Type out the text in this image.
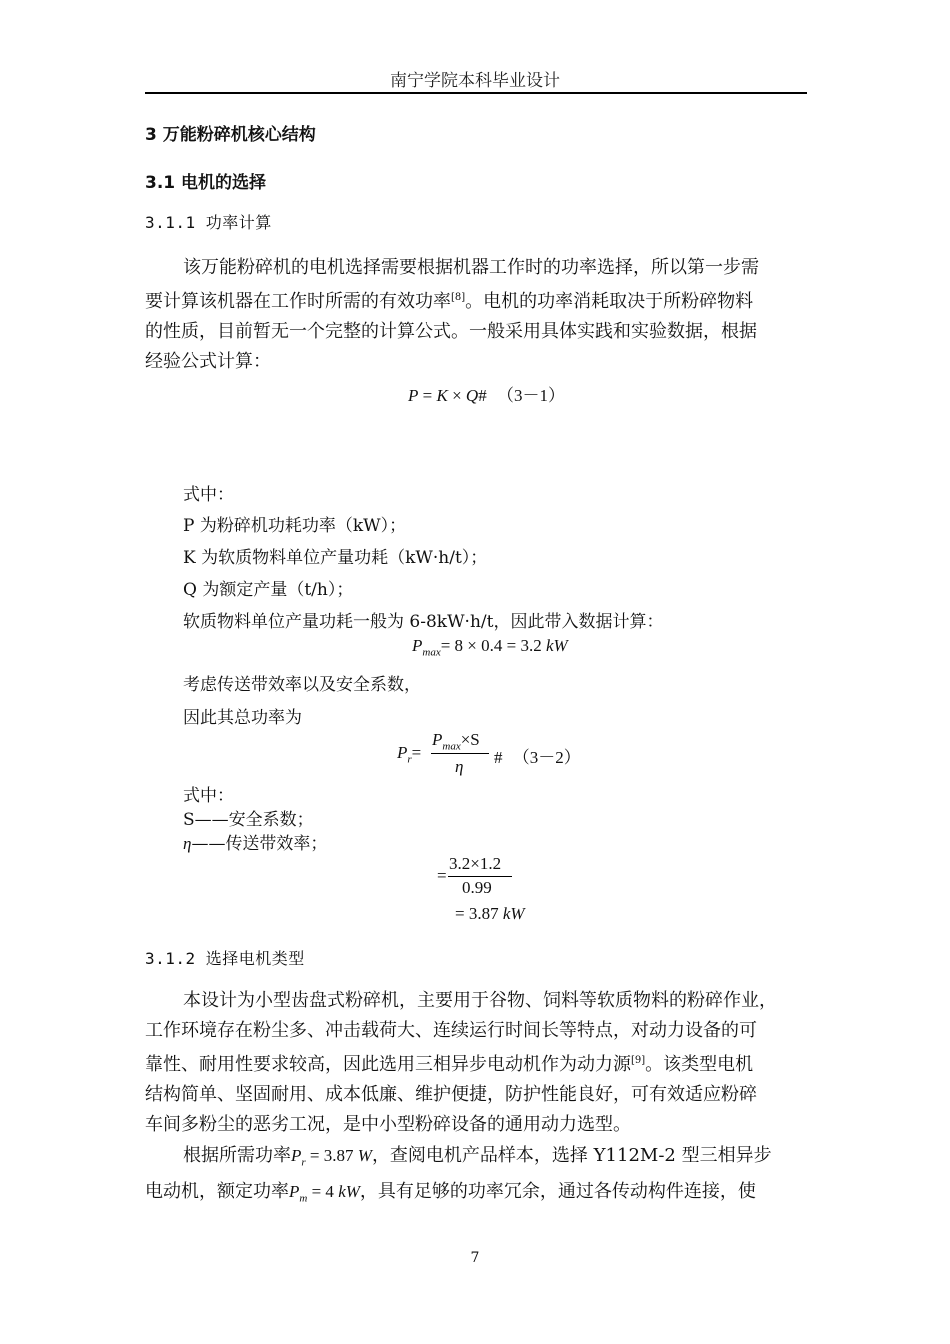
南宁学院本科毕业设计
3 万能粉碎机核心结构
3.1 电机的选择
3.1.1 功率计算
该万能粉碎机的电机选择需要根据机器工作时的功率选择，所以第一步需
要计算该机器在工作时所需的有效功率[8]。电机的功率消耗取决于所粉碎物料
的性质，目前暂无一个完整的计算公式。一般采用具体实践和实验数据，根据
经验公式计算：
P = K × Q# （3－1）
式中：
P 为粉碎机功耗功率（kW）；
K 为软质物料单位产量功耗（kW·h/t）；
Q 为额定产量（t/h）；
软质物料单位产量功耗一般为 6-8kW·h/t，因此带入数据计算：
$P_{max}= 8 \times 0.4 = 3.2$ kW
考虑传送带效率以及安全系数，
因此其总功率为
$P_r=$
$P_{max}\times S$
η # （3－2）
式中：
S——安全系数；
η——传送带效率；
=
3.2×1.2
0.99
= 3.87 kW
3.1.2 选择电机类型
本设计为小型齿盘式粉碎机，主要用于谷物、饲料等软质物料的粉碎作业，
工作环境存在粉尘多、冲击载荷大、连续运行时间长等特点，对动力设备的可
靠性、耐用性要求较高，因此选用三相异步电动机作为动力源[9]。该类型电机
结构简单、坚固耐用、成本低廉、维护便捷，防护性能良好，可有效适应粉碎
车间多粉尘的恶劣工况，是中小型粉碎设备的通用动力选型。
根据所需功率$P_r = 3.87$ W，查阅电机产品样本，选择 Y112M-2 型三相异步
电动机，额定功率$P_m = 4$ kW，具有足够的功率冗余，通过各传动构件连接，使
7
